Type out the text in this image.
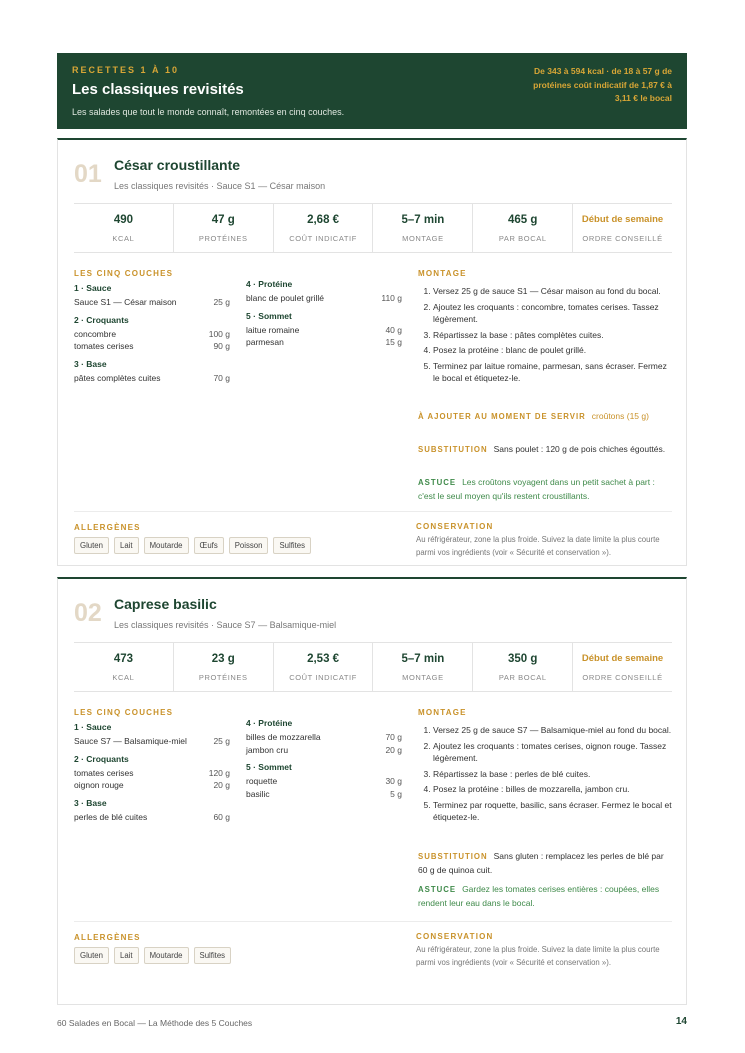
RECETTES 1 À 10
Les classiques revisités
Les salades que tout le monde connaît, remontées en cinq couches.
De 343 à 594 kcal · de 18 à 57 g de protéines coût indicatif de 1,87 € à 3,11 € le bocal
01 César croustillante
Les classiques revisités · Sauce S1 — César maison
490
KCAL
47 g
PROTÉINES
2,68 €
COÛT INDICATIF
5–7 min
MONTAGE
465 g
PAR BOCAL
Début de semaine
ORDRE CONSEILLÉ
LES CINQ COUCHES
1 · Sauce
Sauce S1 — César maison	25 g
2 · Croquants
concombre	100 g
tomates cerises	90 g
3 · Base
pâtes complètes cuites	70 g
4 · Protéine
blanc de poulet grillé	110 g
5 · Sommet
laitue romaine	40 g
parmesan	15 g
MONTAGE
1. Versez 25 g de sauce S1 — César maison au fond du bocal.
2. Ajoutez les croquants : concombre, tomates cerises. Tassez légèrement.
3. Répartissez la base : pâtes complètes cuites.
4. Posez la protéine : blanc de poulet grillé.
5. Terminez par laitue romaine, parmesan, sans écraser. Fermez le bocal et étiquetez-le.
À AJOUTER AU MOMENT DE SERVIR croûtons (15 g)
SUBSTITUTION Sans poulet : 120 g de pois chiches égouttés.
ASTUCE Les croûtons voyagent dans un petit sachet à part : c'est le seul moyen qu'ils restent croustillants.
ALLERGÈNES
Gluten	Lait	Moutarde	Œufs	Poisson	Sulfites
CONSERVATION
Au réfrigérateur, zone la plus froide. Suivez la date limite la plus courte parmi vos ingrédients (voir « Sécurité et conservation »).
02 Caprese basilic
Les classiques revisités · Sauce S7 — Balsamique-miel
473
KCAL
23 g
PROTÉINES
2,53 €
COÛT INDICATIF
5–7 min
MONTAGE
350 g
PAR BOCAL
Début de semaine
ORDRE CONSEILLÉ
LES CINQ COUCHES
1 · Sauce
Sauce S7 — Balsamique-miel	25 g
2 · Croquants
tomates cerises	120 g
oignon rouge	20 g
3 · Base
perles de blé cuites	60 g
4 · Protéine
billes de mozzarella	70 g
jambon cru	20 g
5 · Sommet
roquette	30 g
basilic	5 g
MONTAGE
1. Versez 25 g de sauce S7 — Balsamique-miel au fond du bocal.
2. Ajoutez les croquants : tomates cerises, oignon rouge. Tassez légèrement.
3. Répartissez la base : perles de blé cuites.
4. Posez la protéine : billes de mozzarella, jambon cru.
5. Terminez par roquette, basilic, sans écraser. Fermez le bocal et étiquetez-le.
SUBSTITUTION Sans gluten : remplacez les perles de blé par 60 g de quinoa cuit.
ASTUCE Gardez les tomates cerises entières : coupées, elles rendent leur eau dans le bocal.
ALLERGÈNES
Gluten	Lait	Moutarde	Sulfites
CONSERVATION
Au réfrigérateur, zone la plus froide. Suivez la date limite la plus courte parmi vos ingrédients (voir « Sécurité et conservation »).
60 Salades en Bocal — La Méthode des 5 Couches	14
